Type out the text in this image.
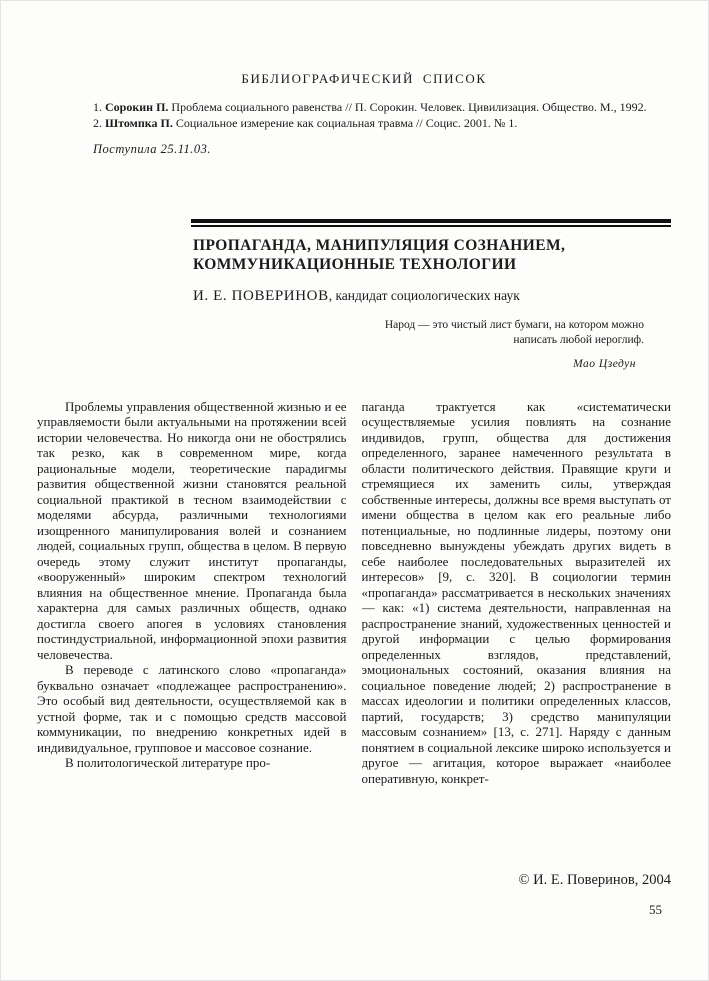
БИБЛИОГРАФИЧЕСКИЙ СПИСОК

1. Сорокин П. Проблема социального равенства // П. Сорокин. Человек. Цивилизация. Общество. М., 1992.

2. Штомпка П. Социальное измерение как социальная травма // Социс. 2001. № 1.

Поступила 25.11.03.
ПРОПАГАНДА, МАНИПУЛЯЦИЯ СОЗНАНИЕМ,
КОММУНИКАЦИОННЫЕ ТЕХНОЛОГИИ
И. Е. ПОВЕРИНОВ, кандидат социологических наук
Народ — это чистый лист бумаги, на котором можно написать любой иероглиф.
Мао Цзедун

Проблемы управления общественной жизнью и ее управляемости были актуальными на протяжении всей истории человечества. Но никогда они не обострялись так резко, как в современном мире, когда рациональные модели, теоретические парадигмы развития общественной жизни становятся реальной социальной практикой в тесном взаимодействии с моделями абсурда, различными технологиями изощренного манипулирования волей и сознанием людей, социальных групп, общества в целом. В первую очередь этому служит институт пропаганды, «вооруженный» широким спектром технологий влияния на общественное мнение. Пропаганда была характерна для самых различных обществ, однако достигла своего апогея в условиях становления постиндустриальной, информационной эпохи развития человечества.

В переводе с латинского слово «пропаганда» буквально означает «подлежащее распространению». Это особый вид деятельности, осуществляемой как в устной форме, так и с помощью средств массовой коммуникации, по внедрению конкретных идей в индивидуальное, групповое и массовое сознание.

В политологической литературе про-

паганда трактуется как «систематически осуществляемые усилия повлиять на сознание индивидов, групп, общества для достижения определенного, заранее намеченного результата в области политического действия. Правящие круги и стремящиеся их заменить силы, утверждая собственные интересы, должны все время выступать от имени общества в целом как его реальные либо потенциальные, но подлинные лидеры, поэтому они повседневно вынуждены убеждать других видеть в себе наиболее последовательных выразителей их интересов» [9, с. 320]. В социологии термин «пропаганда» рассматривается в нескольких значениях — как: «1) система деятельности, направленная на распространение знаний, художественных ценностей и другой информации с целью формирования определенных взглядов, представлений, эмоциональных состояний, оказания влияния на социальное поведение людей; 2) распространение в массах идеологии и политики определенных классов, партий, государств; 3) средство манипуляции массовым сознанием» [13, с. 271]. Наряду с данным понятием в социальной лексике широко используется и другое — агитация, которое выражает «наиболее оперативную, конкрет-

© И. Е. Поверинов, 2004
55
